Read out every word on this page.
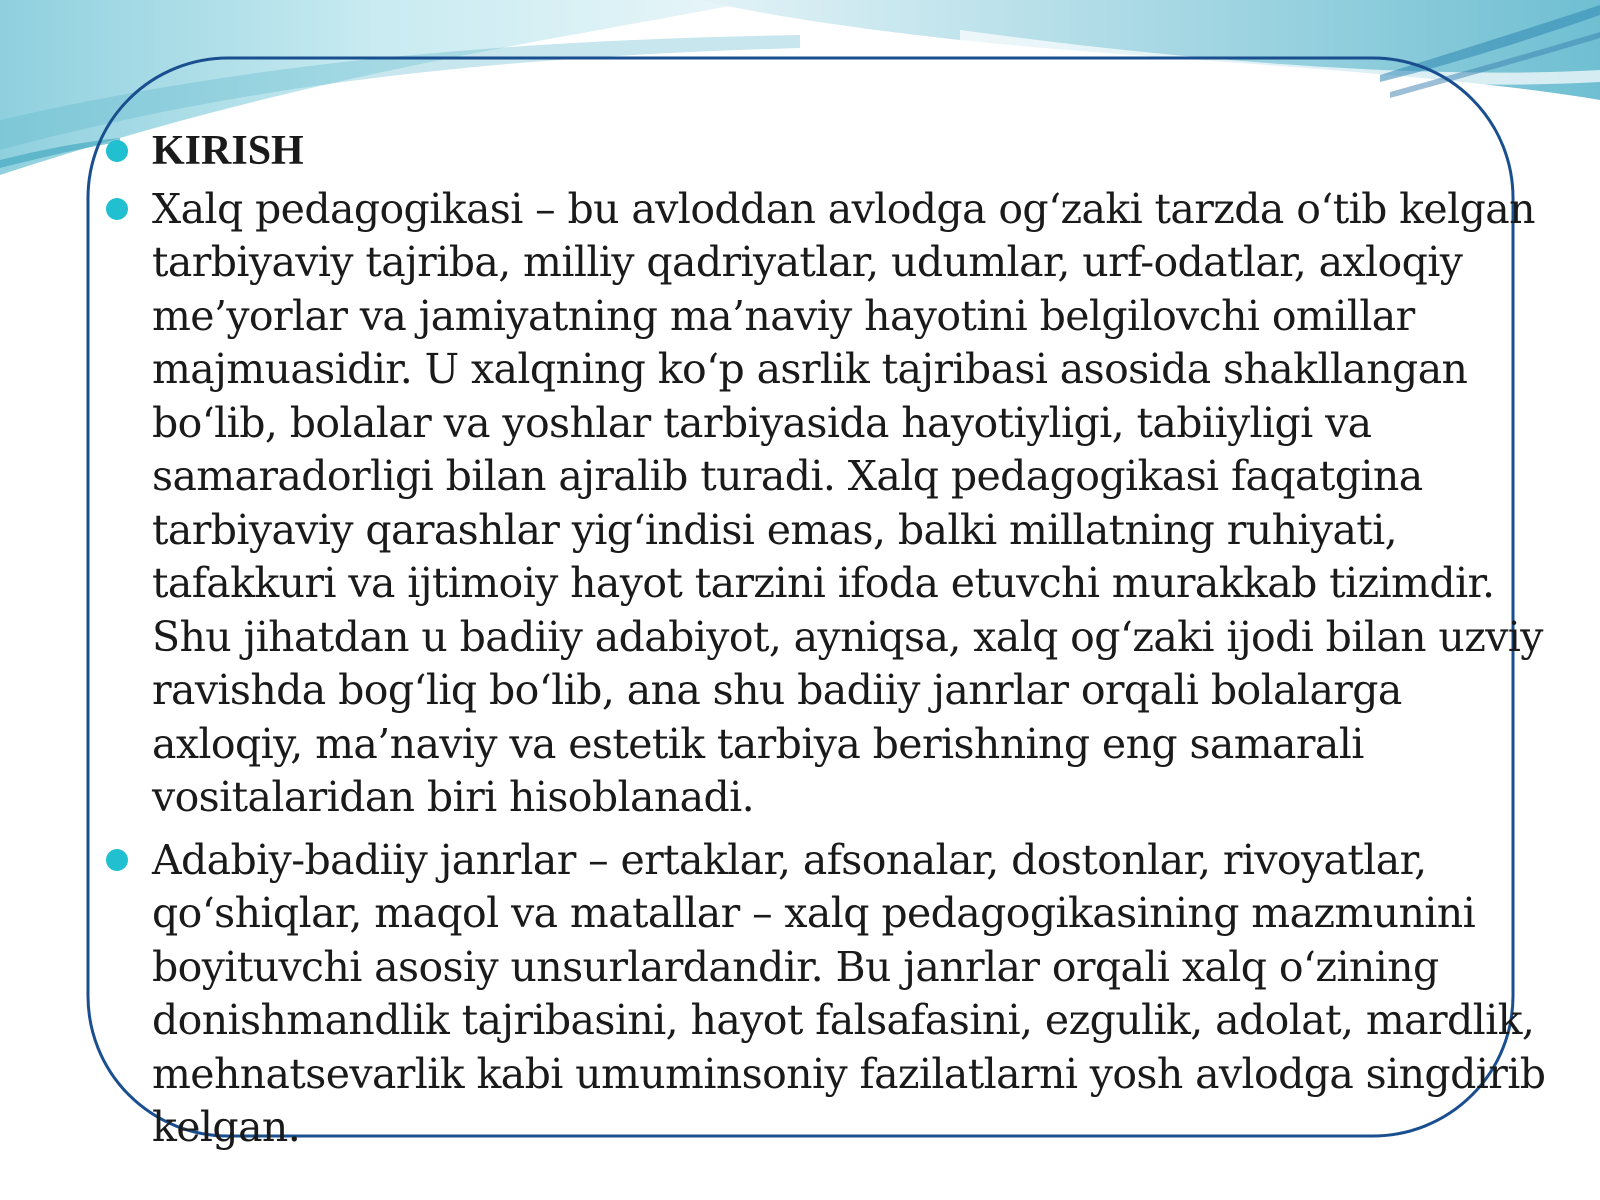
KIRISH
Xalq pedagogikasi – bu avloddan avlodga og‘zaki tarzda o‘tib kelgan tarbiyaviy tajriba, milliy qadriyatlar, udumlar, urf-odatlar, axloqiy me’yorlar va jamiyatning ma’naviy hayotini belgilovchi omillar majmuasidir. U xalqning ko‘p asrlik tajribasi asosida shakllangan bo‘lib, bolalar va yoshlar tarbiyasida hayotiyligi, tabiiyligi va samaradorligi bilan ajralib turadi. Xalq pedagogikasi faqatgina tarbiyaviy qarashlar yig‘indisi emas, balki millatning ruhiyati, tafakkuri va ijtimoiy hayot tarzini ifoda etuvchi murakkab tizimdir. Shu jihatdan u badiiy adabiyot, ayniqsa, xalq og‘zaki ijodi bilan uzviy ravishda bog‘liq bo‘lib, ana shu badiiy janrlar orqali bolalarga axloqiy, ma’naviy va estetik tarbiya berishning eng samarali vositalaridan biri hisoblanadi.
Adabiy-badiiy janrlar – ertaklar, afsonalar, dostonlar, rivoyatlar, qo‘shiqlar, maqol va matallar – xalq pedagogikasining mazmunini boyituvchi asosiy unsurlardandir. Bu janrlar orqali xalq o‘zining donishmandlik tajribasini, hayot falsafasini, ezgulik, adolat, mardlik, mehnatsevarlik kabi umuminsoniy fazilatlarni yosh avlodga singdirib kelgan.
